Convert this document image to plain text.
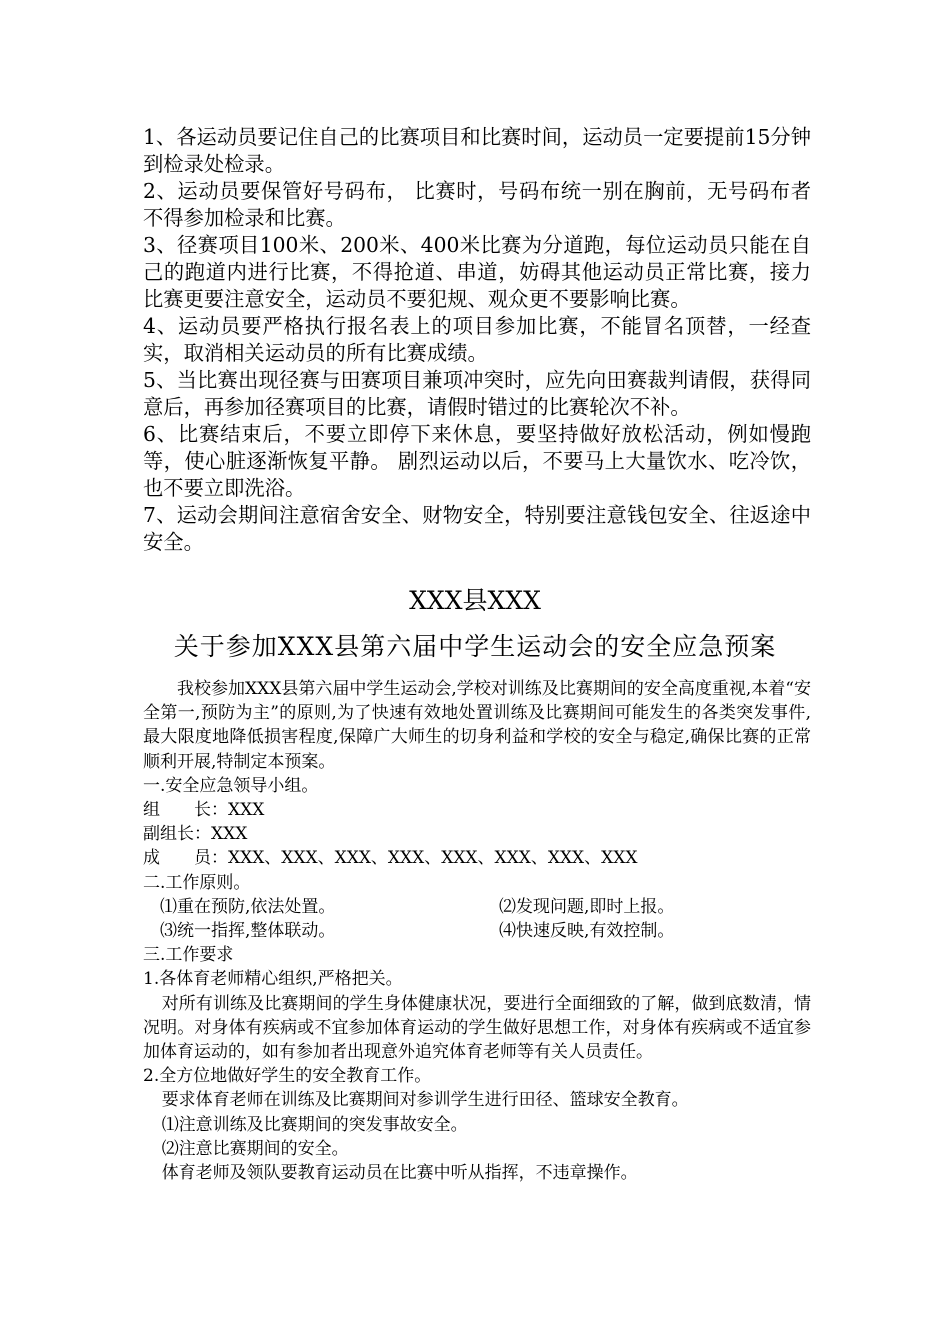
1、各运动员要记住自己的比赛项目和比赛时间，运动员一定要提前15分钟到检录处检录。

2、运动员要保管好号码布， 比赛时，号码布统一别在胸前，无号码布者不得参加检录和比赛。

3、径赛项目100米、200米、400米比赛为分道跑，每位运动员只能在自己的跑道内进行比赛，不得抢道、串道，妨碍其他运动员正常比赛，接力比赛更要注意安全，运动员不要犯规、观众更不要影响比赛。

4、运动员要严格执行报名表上的项目参加比赛，不能冒名顶替，一经查实，取消相关运动员的所有比赛成绩。

5、当比赛出现径赛与田赛项目兼项冲突时，应先向田赛裁判请假，获得同意后，再参加径赛项目的比赛，请假时错过的比赛轮次不补。

6、比赛结束后，不要立即停下来休息，要坚持做好放松活动，例如慢跑等，使心脏逐渐恢复平静。 剧烈运动以后，不要马上大量饮水、吃冷饮，也不要立即洗浴。

7、运动会期间注意宿舍安全、财物安全，特别要注意钱包安全、往返途中安全。

XXX县XXX
关于参加XXX县第六届中学生运动会的安全应急预案

我校参加XXX县第六届中学生运动会,学校对训练及比赛期间的安全高度重视,本着“安全第一,预防为主”的原则,为了快速有效地处置训练及比赛期间可能发生的各类突发事件,最大限度地降低损害程度,保障广大师生的切身利益和学校的安全与稳定,确保比赛的正常顺利开展,特制定本预案。

一.安全应急领导小组。

组　　长：XXX

副组长：XXX

成　　员：XXX、XXX、XXX、XXX、XXX、XXX、XXX、XXX

二.工作原则。

⑴重在预防,依法处置。	⑵发现问题,即时上报。
⑶统一指挥,整体联动。	⑷快速反映,有效控制。

三.工作要求

1.各体育老师精心组织,严格把关。

对所有训练及比赛期间的学生身体健康状况，要进行全面细致的了解，做到底数清，情况明。对身体有疾病或不宜参加体育运动的学生做好思想工作，对身体有疾病或不适宜参加体育运动的，如有参加者出现意外追究体育老师等有关人员责任。

2.全方位地做好学生的安全教育工作。

要求体育老师在训练及比赛期间对参训学生进行田径、篮球安全教育。

⑴注意训练及比赛期间的突发事故安全。

⑵注意比赛期间的安全。

体育老师及领队要教育运动员在比赛中听从指挥，不违章操作。
